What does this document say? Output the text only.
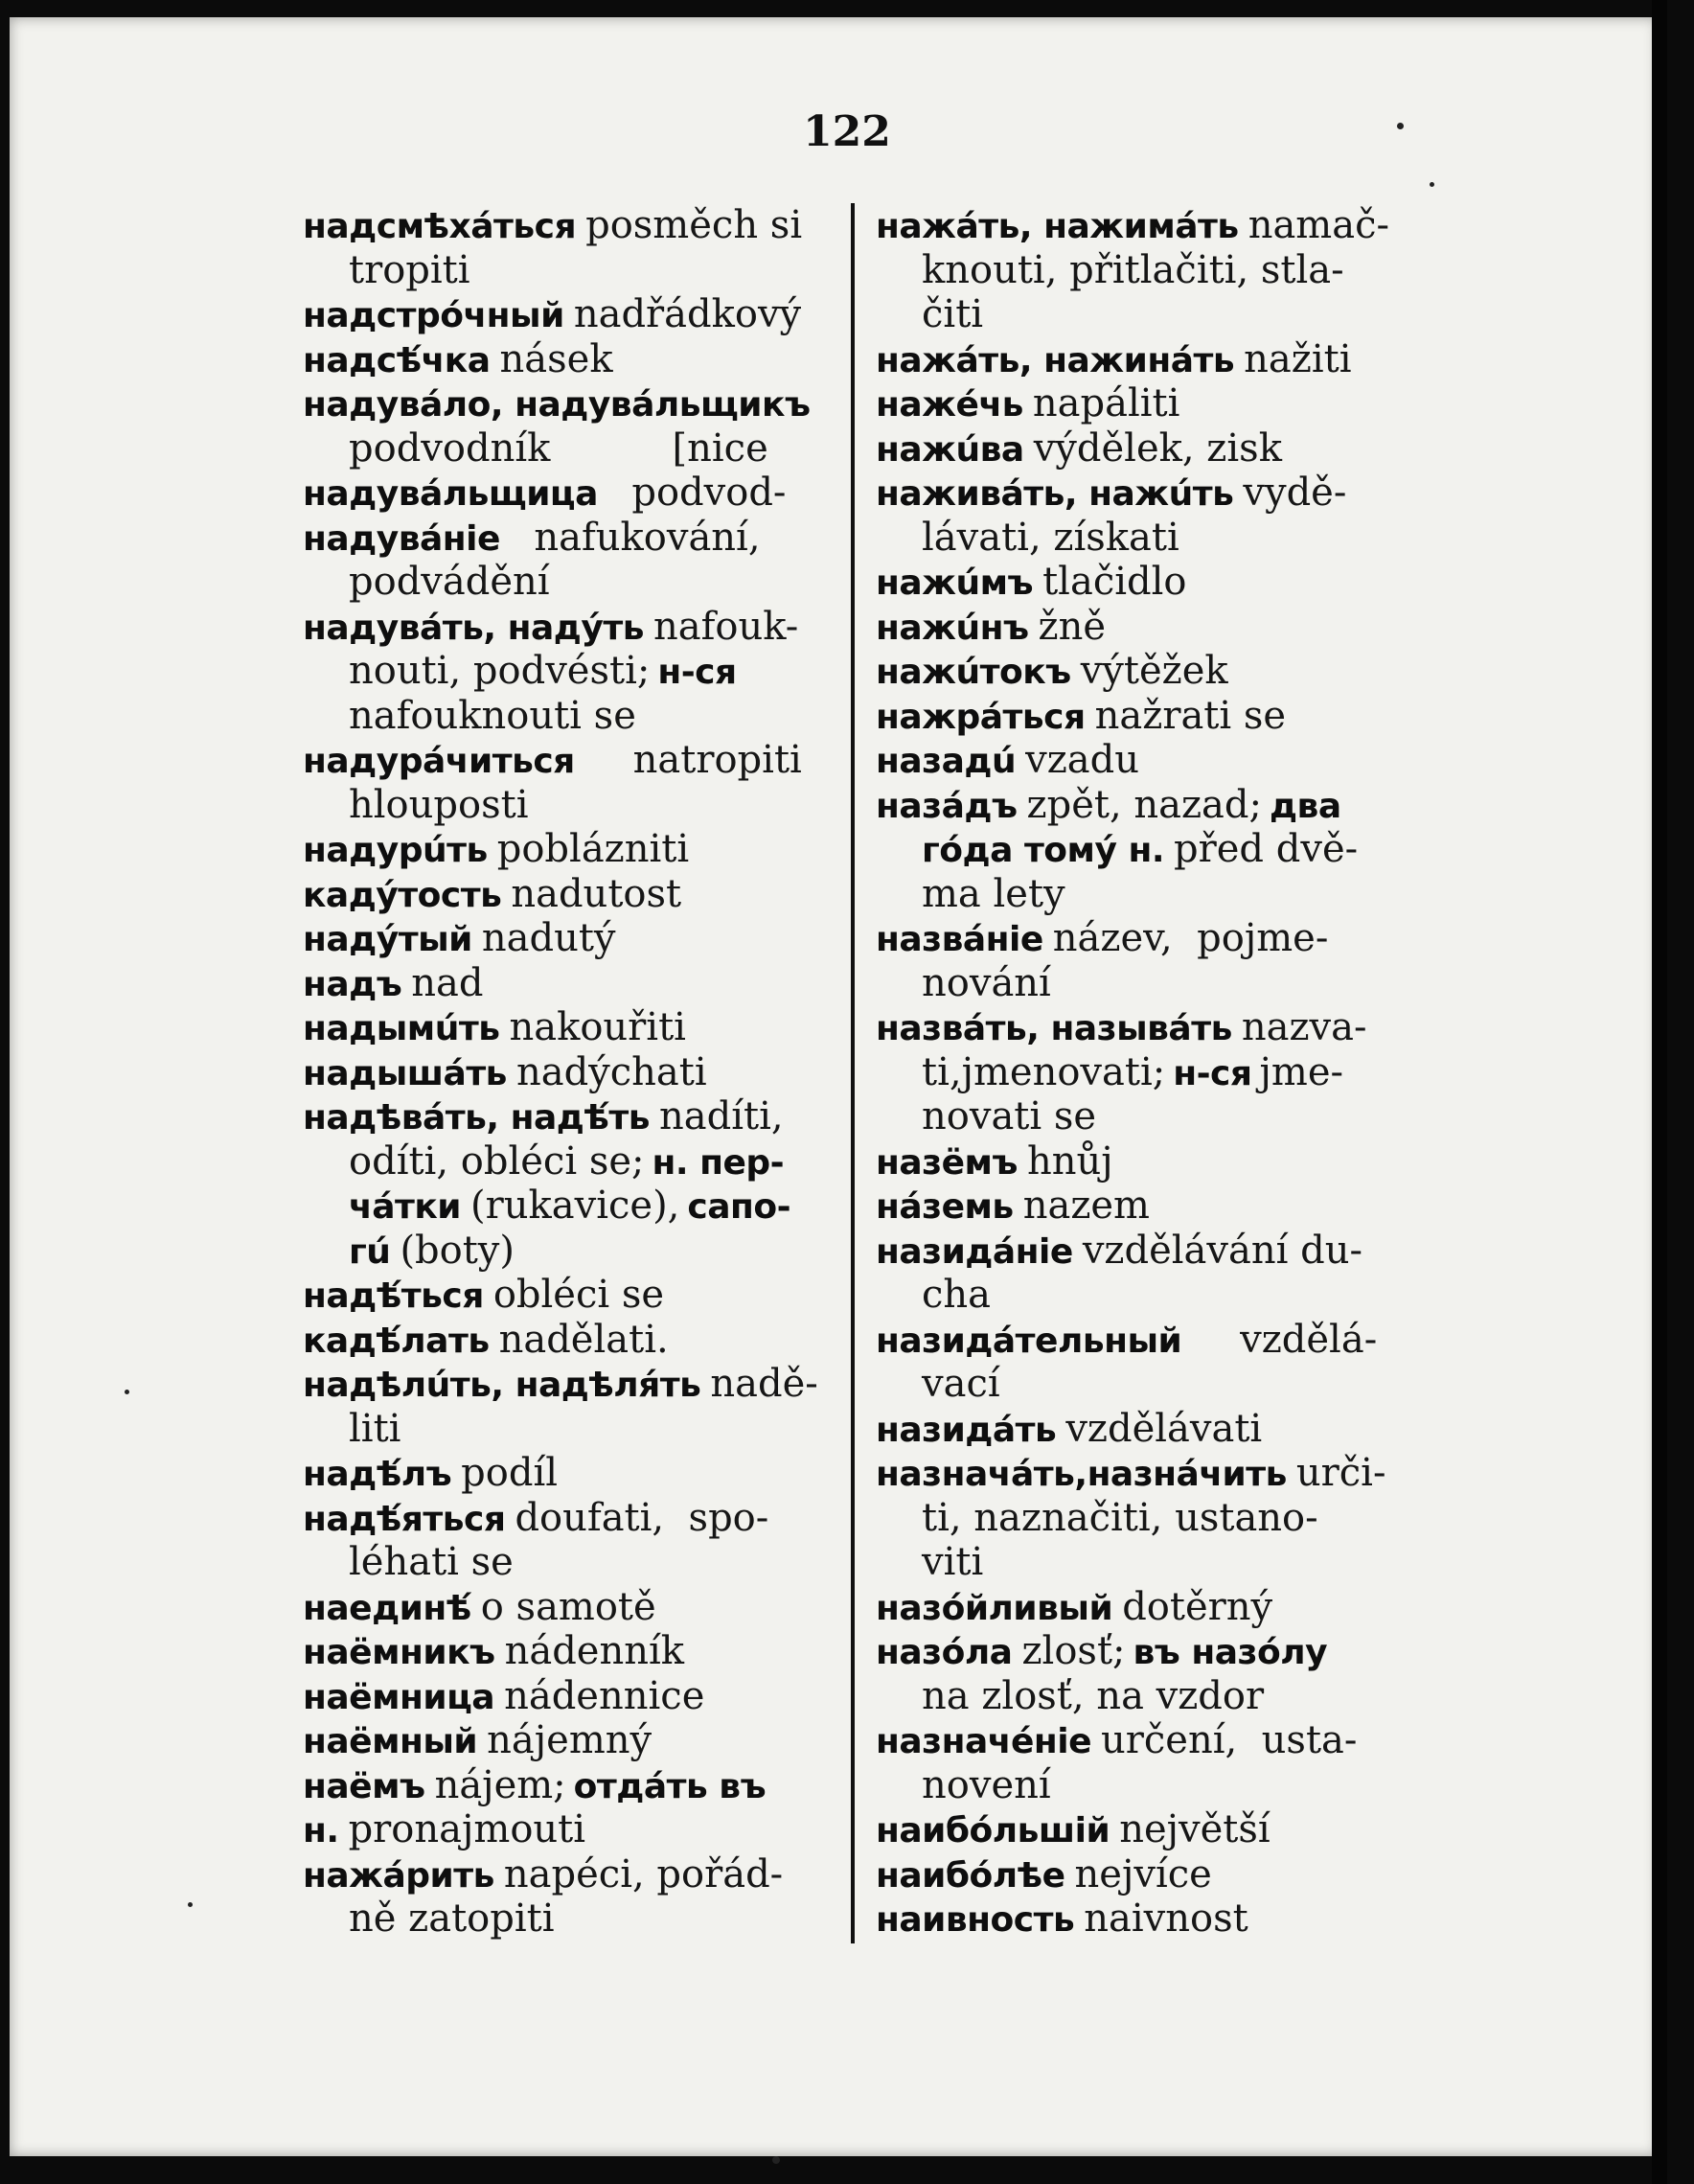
122
надсмѣхáться posměch si
tropiti
надстрóчный nadřádkový
надсѣ́чка násek
надувáло, надувáльщикъ
podvodník          [nice
надувáльщица  podvod-
надувáніе  nafukování,
podvádění
надувáть, надýть nafouk-
nouti, podvésti; н-ся
nafouknouti se
надурáчиться    natropiti
hlouposti
надурúть poblázniti
кадýтость nadutost
надýтый nadutý
надъ nad
надымúть nakouřiti
надышáть nadýchati
надѣвáть, надѣ́ть nadíti,
odíti, obléci se; н. пер-
чáтки (rukavice), сапо-
гú (boty)
надѣ́ться obléci se
кадѣ́лать nadělati.
надѣлúть, надѣля́ть nadě-
liti
надѣ́лъ podíl
надѣ́яться doufati,  spo-
léhati se
наединѣ́ o samotě
наёмникъ nádenník
наёмница nádennice
наёмный nájemný
наёмъ nájem; отдáть въ
н. pronajmouti
нажáрить napéci, pořád-
ně zatopiti
нажáть, нажимáть namač-
knouti, přitlačiti, stla-
čiti
нажáть, нажинáть nažiti
нажéчь napáliti
нажúва výdělek, zisk
наживáть, нажúть vydě-
lávati, získati
нажúмъ tlačidlo
нажúнъ žně
нажúтокъ výtěžek
нажрáться nažrati se
назадú vzadu
назáдъ zpět, nazad; два
гóда томý н. před dvě-
ma lety
назвáніе název,  pojme-
nování
назвáть, называ́ть nazva-
ti,jmenovati; н-ся jme-
novati se
назёмъ hnůj
нáземь nazem
назидáніе vzdělávání du-
cha
назидáтельный    vzdělá-
vací
назидáть vzdělávati
назначáть,назнáчить urči-
ti, naznačiti, ustano-
viti
назóйливый dotěrný
назóла zlosť; въ назóлу
na zlosť, na vzdor
назначéніе určení,  usta-
novení
наибóльшій největší
наибóлѣе nejvíce
наивность naivnost
